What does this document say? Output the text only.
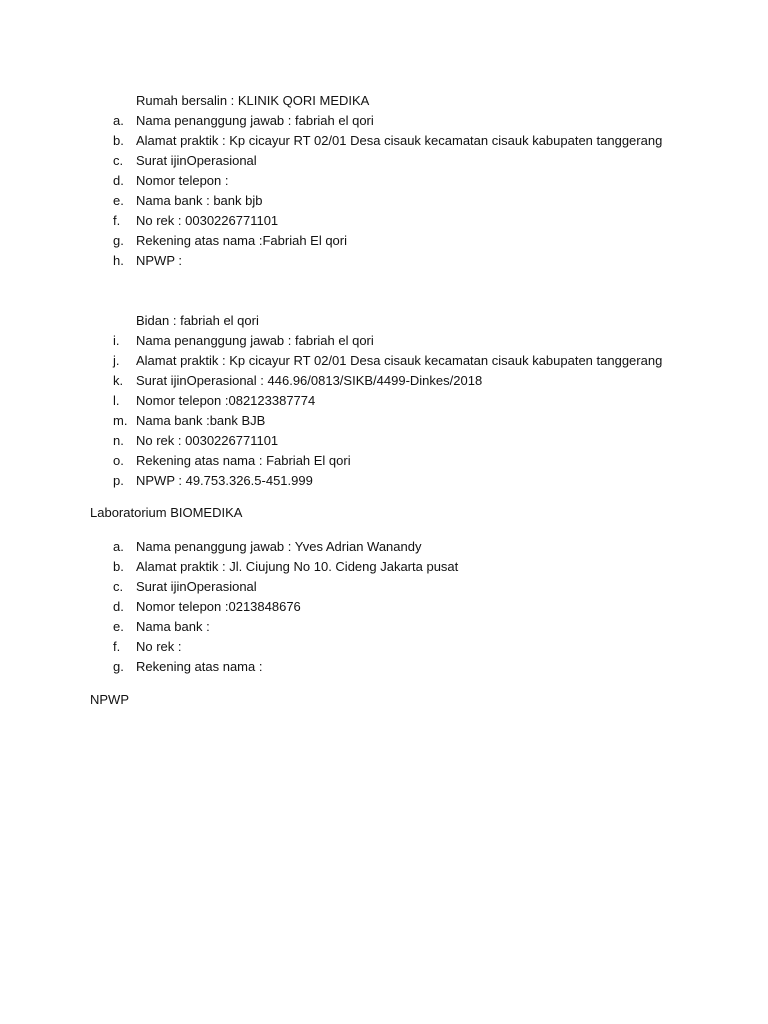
Rumah bersalin : KLINIK QORI MEDIKA
a. Nama penanggung jawab : fabriah el qori
b. Alamat praktik : Kp cicayur RT 02/01 Desa cisauk kecamatan cisauk kabupaten tanggerang
c. Surat ijinOperasional
d. Nomor telepon :
e. Nama bank : bank bjb
f. No rek : 0030226771101
g. Rekening atas nama :Fabriah El qori
h. NPWP :
Bidan : fabriah el qori
i. Nama penanggung jawab : fabriah el qori
j. Alamat praktik : Kp cicayur RT 02/01 Desa cisauk kecamatan cisauk kabupaten tanggerang
k. Surat ijinOperasional : 446.96/0813/SIKB/4499-Dinkes/2018
l. Nomor telepon :082123387774
m. Nama bank :bank BJB
n. No rek : 0030226771101
o. Rekening atas nama : Fabriah El qori
p. NPWP : 49.753.326.5-451.999
Laboratorium BIOMEDIKA
a. Nama penanggung jawab : Yves Adrian Wanandy
b. Alamat praktik : Jl. Ciujung No 10. Cideng Jakarta pusat
c. Surat ijinOperasional
d. Nomor telepon :0213848676
e. Nama bank :
f. No rek :
g. Rekening atas nama :
NPWP
